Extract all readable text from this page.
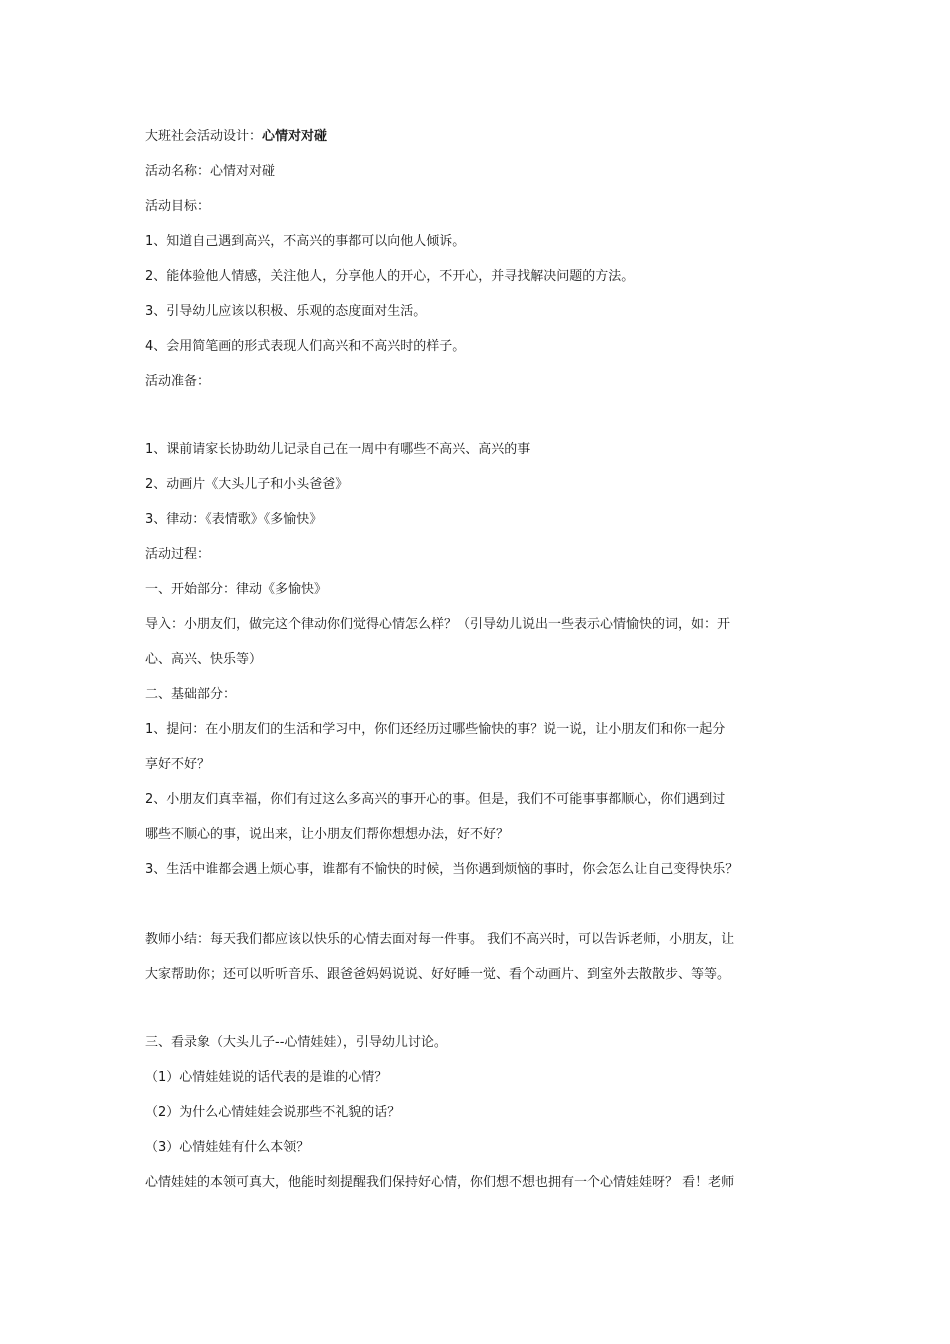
大班社会活动设计：心情对对碰
活动名称：心情对对碰
活动目标：
1、知道自己遇到高兴，不高兴的事都可以向他人倾诉。
2、能体验他人情感，关注他人，分享他人的开心，不开心，并寻找解决问题的方法。
3、引导幼儿应该以积极、乐观的态度面对生活。
4、会用简笔画的形式表现人们高兴和不高兴时的样子。
活动准备：
1、课前请家长协助幼儿记录自己在一周中有哪些不高兴、高兴的事
2、动画片《大头儿子和小头爸爸》
3、律动：《表情歌》《多愉快》
活动过程：
一、开始部分：律动《多愉快》
导入：小朋友们，做完这个律动你们觉得心情怎么样？（引导幼儿说出一些表示心情愉快的词，如：开
心、高兴、快乐等）
二、基础部分：
1、提问：在小朋友们的生活和学习中，你们还经历过哪些愉快的事？说一说，让小朋友们和你一起分
享好不好？
2、小朋友们真幸福，你们有过这么多高兴的事开心的事。但是，我们不可能事事都顺心，你们遇到过
哪些不顺心的事，说出来，让小朋友们帮你想想办法，好不好？
3、生活中谁都会遇上烦心事，谁都有不愉快的时候，当你遇到烦恼的事时，你会怎么让自己变得快乐？
教师小结：每天我们都应该以快乐的心情去面对每一件事。 我们不高兴时，可以告诉老师，小朋友，让
大家帮助你；还可以听听音乐、跟爸爸妈妈说说、好好睡一觉、看个动画片、到室外去散散步、等等。
三、看录象（大头儿子--心情娃娃），引导幼儿讨论。
（1）心情娃娃说的话代表的是谁的心情？
（2）为什么心情娃娃会说那些不礼貌的话？
（3）心情娃娃有什么本领？
心情娃娃的本领可真大，他能时刻提醒我们保持好心情，你们想不想也拥有一个心情娃娃呀？ 看！老师
